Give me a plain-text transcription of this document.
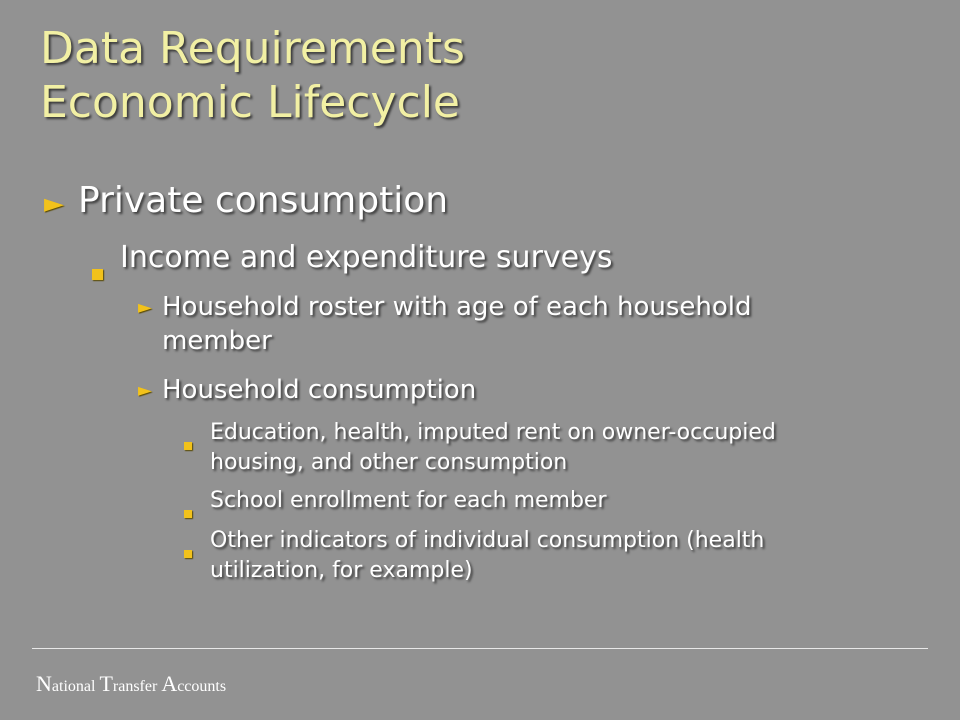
Data Requirements
Economic Lifecycle
► Private consumption
Income and expenditure surveys
► Household roster with age of each household member
► Household consumption
Education, health, imputed rent on owner-occupied housing, and other consumption
School enrollment for each member
Other indicators of individual consumption (health utilization, for example)
National Transfer Accounts
